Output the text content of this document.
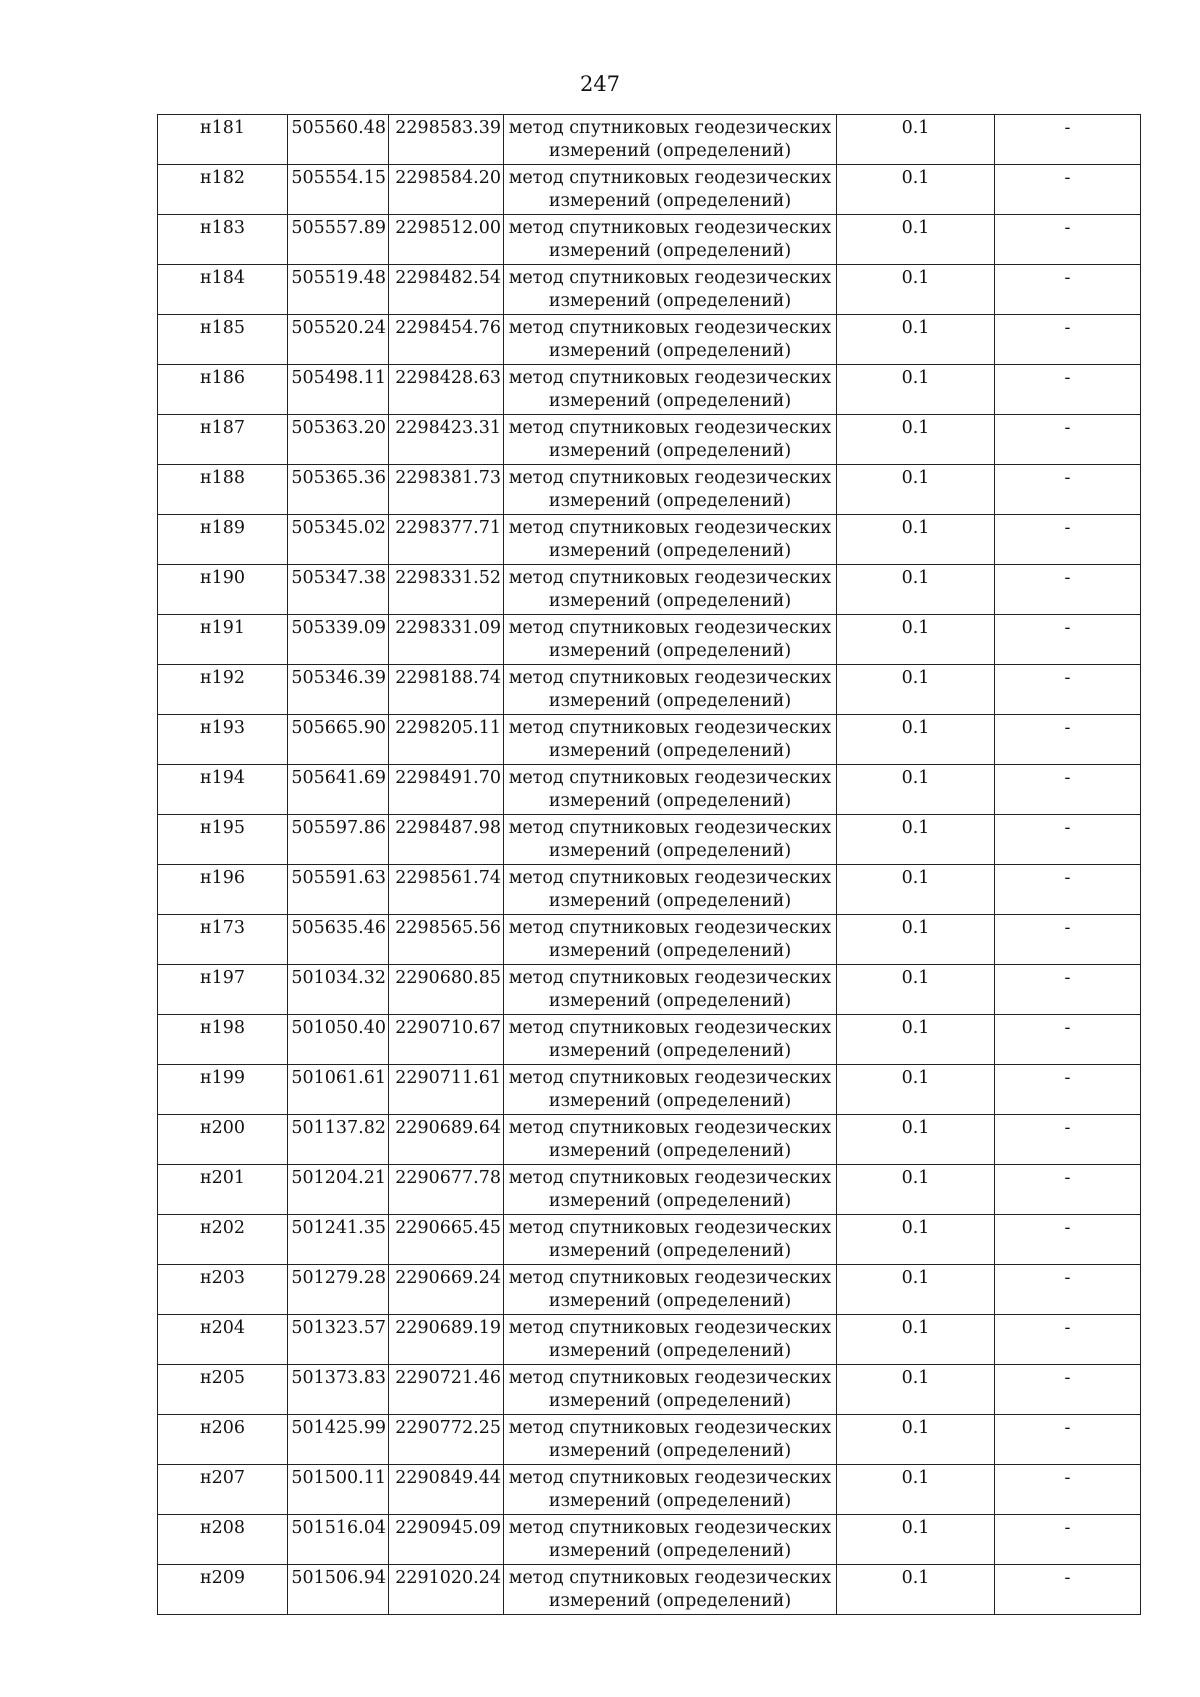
247
н181	505560.48	2298583.39	метод спутниковых геодезических
измерений (определений)	0.1	-
н182	505554.15	2298584.20	метод спутниковых геодезических
измерений (определений)	0.1	-
н183	505557.89	2298512.00	метод спутниковых геодезических
измерений (определений)	0.1	-
н184	505519.48	2298482.54	метод спутниковых геодезических
измерений (определений)	0.1	-
н185	505520.24	2298454.76	метод спутниковых геодезических
измерений (определений)	0.1	-
н186	505498.11	2298428.63	метод спутниковых геодезических
измерений (определений)	0.1	-
н187	505363.20	2298423.31	метод спутниковых геодезических
измерений (определений)	0.1	-
н188	505365.36	2298381.73	метод спутниковых геодезических
измерений (определений)	0.1	-
н189	505345.02	2298377.71	метод спутниковых геодезических
измерений (определений)	0.1	-
н190	505347.38	2298331.52	метод спутниковых геодезических
измерений (определений)	0.1	-
н191	505339.09	2298331.09	метод спутниковых геодезических
измерений (определений)	0.1	-
н192	505346.39	2298188.74	метод спутниковых геодезических
измерений (определений)	0.1	-
н193	505665.90	2298205.11	метод спутниковых геодезических
измерений (определений)	0.1	-
н194	505641.69	2298491.70	метод спутниковых геодезических
измерений (определений)	0.1	-
н195	505597.86	2298487.98	метод спутниковых геодезических
измерений (определений)	0.1	-
н196	505591.63	2298561.74	метод спутниковых геодезических
измерений (определений)	0.1	-
н173	505635.46	2298565.56	метод спутниковых геодезических
измерений (определений)	0.1	-
н197	501034.32	2290680.85	метод спутниковых геодезических
измерений (определений)	0.1	-
н198	501050.40	2290710.67	метод спутниковых геодезических
измерений (определений)	0.1	-
н199	501061.61	2290711.61	метод спутниковых геодезических
измерений (определений)	0.1	-
н200	501137.82	2290689.64	метод спутниковых геодезических
измерений (определений)	0.1	-
н201	501204.21	2290677.78	метод спутниковых геодезических
измерений (определений)	0.1	-
н202	501241.35	2290665.45	метод спутниковых геодезических
измерений (определений)	0.1	-
н203	501279.28	2290669.24	метод спутниковых геодезических
измерений (определений)	0.1	-
н204	501323.57	2290689.19	метод спутниковых геодезических
измерений (определений)	0.1	-
н205	501373.83	2290721.46	метод спутниковых геодезических
измерений (определений)	0.1	-
н206	501425.99	2290772.25	метод спутниковых геодезических
измерений (определений)	0.1	-
н207	501500.11	2290849.44	метод спутниковых геодезических
измерений (определений)	0.1	-
н208	501516.04	2290945.09	метод спутниковых геодезических
измерений (определений)	0.1	-
н209	501506.94	2291020.24	метод спутниковых геодезических
измерений (определений)	0.1	-
